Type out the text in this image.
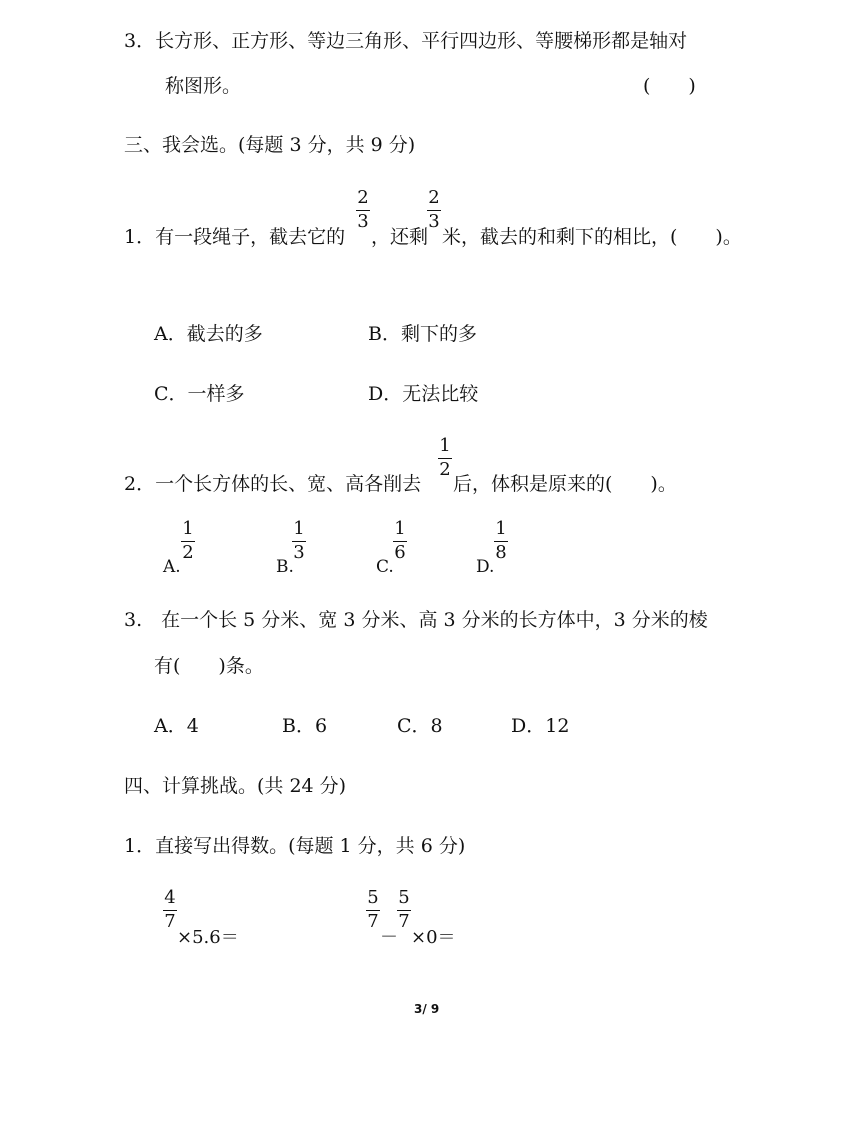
3．长方形、正方形、等边三角形、平行四边形、等腰梯形都是轴对
称图形。	(　　)
三、我会选。(每题 3 分，共 9 分)
1．有一段绳子，截去它的
2
3
，还剩
2
3
米，截去的和剩下的相比，(　　)。
A．截去的多	B．剩下的多
C．一样多	D．无法比较
2．一个长方体的长、宽、高各削去
1
2
后，体积是原来的(　　)。
A.
1
2
B.
1
3
C.
1
6
D.
1
8
3.　在一个长 5 分米、宽 3 分米、高 3 分米的长方体中，3 分米的棱
有(　　)条。
A．4	B．6	C．8	D．12
四、计算挑战。(共 24 分)
1．直接写出得数。(每题 1 分，共 6 分)
4
7
×5.6＝
5
7
－
5
7
×0＝
3/ 9
